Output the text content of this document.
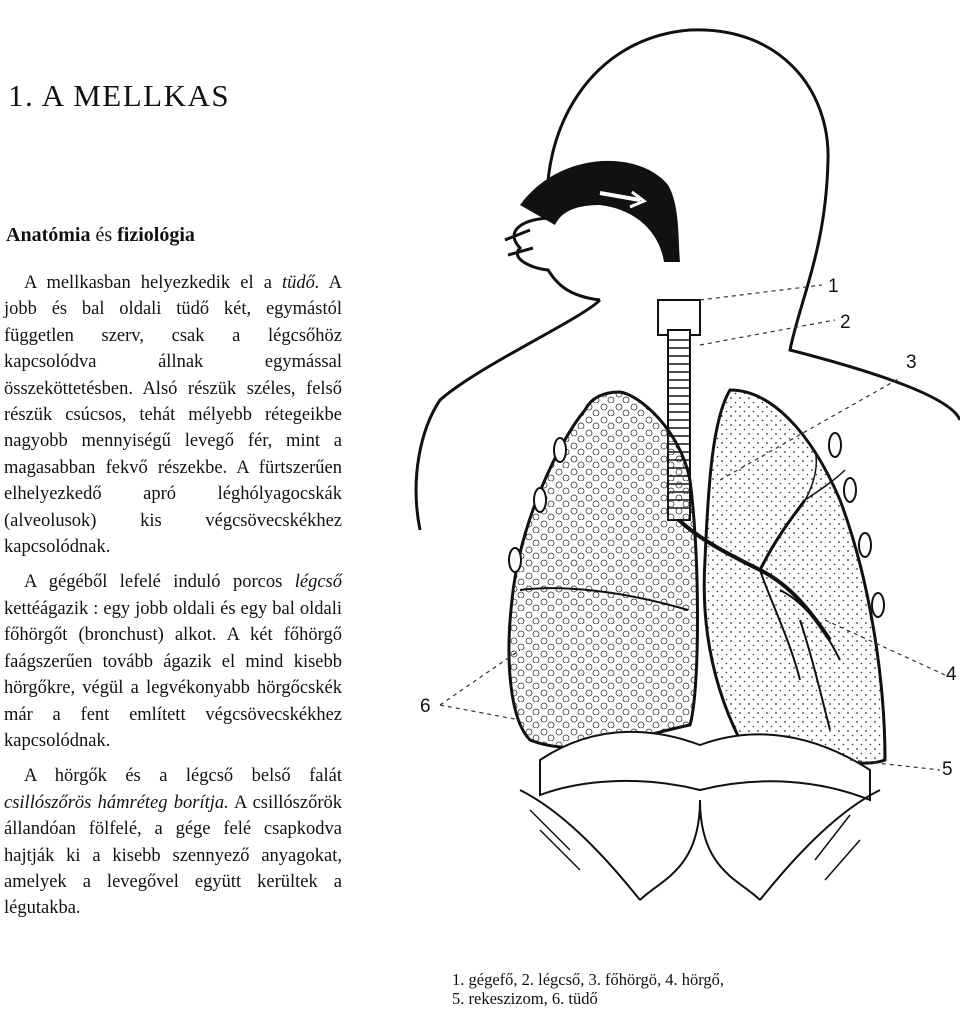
1. A MELLKAS
Anatómia és fiziológia

A mellkasban helyezkedik el a tüdő. A jobb és bal oldali tüdő két, egymástól független szerv, csak a légcsőhöz kapcsolódva állnak egymással összeköttetésben. Alsó részük széles, felső részük csúcsos, tehát mélyebb rétegeikbe nagyobb mennyiségű levegő fér, mint a magasabban fekvő részekbe. A fürtszerűen elhelyezkedő apró léghólyagocskák (alveolusok) kis végcsövecskékhez kapcsolódnak.

A gégéből lefelé induló porcos légcső kettéágazik : egy jobb oldali és egy bal oldali főhörgőt (bronchust) alkot. A két főhörgő faágszerűen tovább ágazik el mind kisebb hörgőkre, végül a legvékonyabb hörgőcskék már a fent említett végcsövecskékhez kapcsolódnak.

A hörgők és a légcső belső falát csillószőrös hámréteg borítja. A csillószőrök állandóan fölfelé, a gége felé csapkodva hajtják ki a kisebb szennyező anyagokat, amelyek a levegővel együtt kerültek a légutakba.

1
2
3
4
5
6
1. gégefő, 2. légcső, 3. főhörgö, 4. hörgő,
5. rekeszizom, 6. tüdő
